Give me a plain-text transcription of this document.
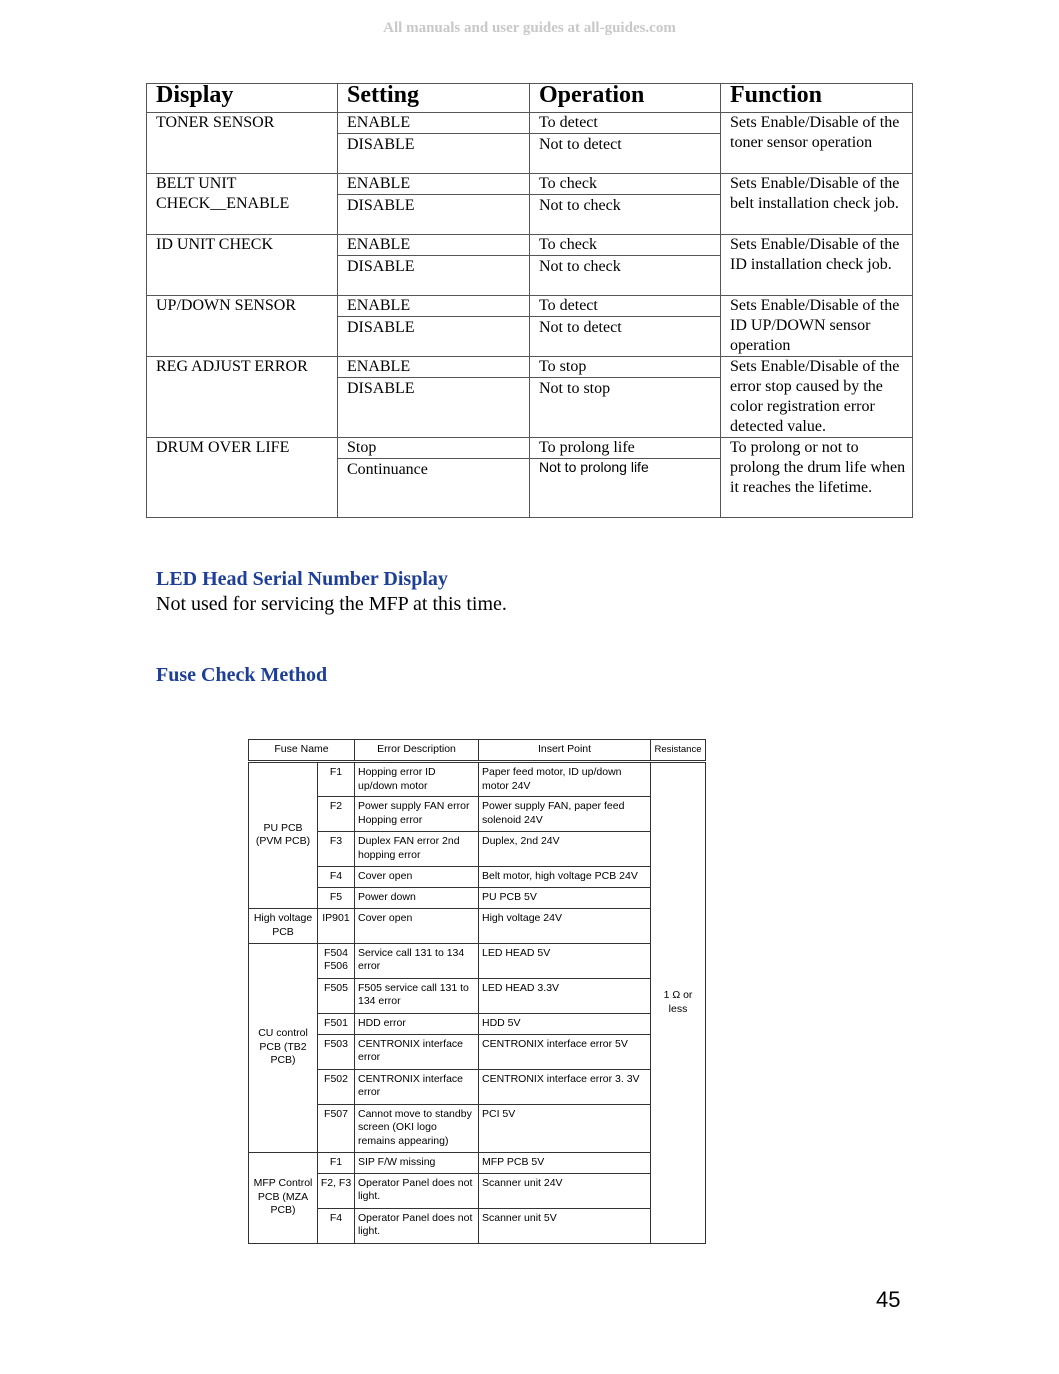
All manuals and user guides at all-guides.com
Display	Setting	Operation	Function
TONER SENSOR	ENABLE	To detect	Sets Enable/Disable of the toner sensor operation
	DISABLE	Not to detect	
BELT UNIT CHECK__ENABLE	ENABLE	To check	Sets Enable/Disable of the belt installation check job.
	DISABLE	Not to check	
ID UNIT CHECK	ENABLE	To check	Sets Enable/Disable of the ID installation check job.
	DISABLE	Not to check	
UP/DOWN SENSOR	ENABLE	To detect	Sets Enable/Disable of the ID UP/DOWN sensor operation
	DISABLE	Not to detect	
REG ADJUST ERROR	ENABLE	To stop	Sets Enable/Disable of the error stop caused by the color registration error detected value.
	DISABLE	Not to stop	
DRUM OVER LIFE	Stop	To prolong life	To prolong or not to prolong the drum life when it reaches the lifetime.
	Continuance	Not to prolong life	
LED Head Serial Number Display
Not used for servicing the MFP at this time.
Fuse Check Method
Fuse Name		Error Description	Insert Point	Resistance
PU PCB (PVM PCB)	F1	Hopping error ID up/down motor	Paper feed motor, ID up/down motor 24V	1 Ω or less
	F2	Power supply FAN error Hopping error	Power supply FAN, paper feed solenoid 24V	
	F3	Duplex FAN error 2nd hopping error	Duplex, 2nd 24V	
	F4	Cover open	Belt motor, high voltage PCB 24V	
	F5	Power down	PU PCB 5V	
High voltage PCB	IP901	Cover open	High voltage 24V	
CU control PCB (TB2 PCB)	F504 F506	Service call 131 to 134 error	LED HEAD 5V	
	F505	F505 service call 131 to 134 error	LED HEAD 3.3V	
	F501	HDD error	HDD 5V	
	F503	CENTRONIX interface error	CENTRONIX interface error 5V	
	F502	CENTRONIX interface error	CENTRONIX interface error 3. 3V	
	F507	Cannot move to standby screen (OKI logo remains appearing)	PCI 5V	
MFP Control PCB (MZA PCB)	F1	SIP F/W missing	MFP PCB 5V	
	F2, F3	Operator Panel does not light.	Scanner unit 24V	
	F4	Operator Panel does not light.	Scanner unit 5V	
45
